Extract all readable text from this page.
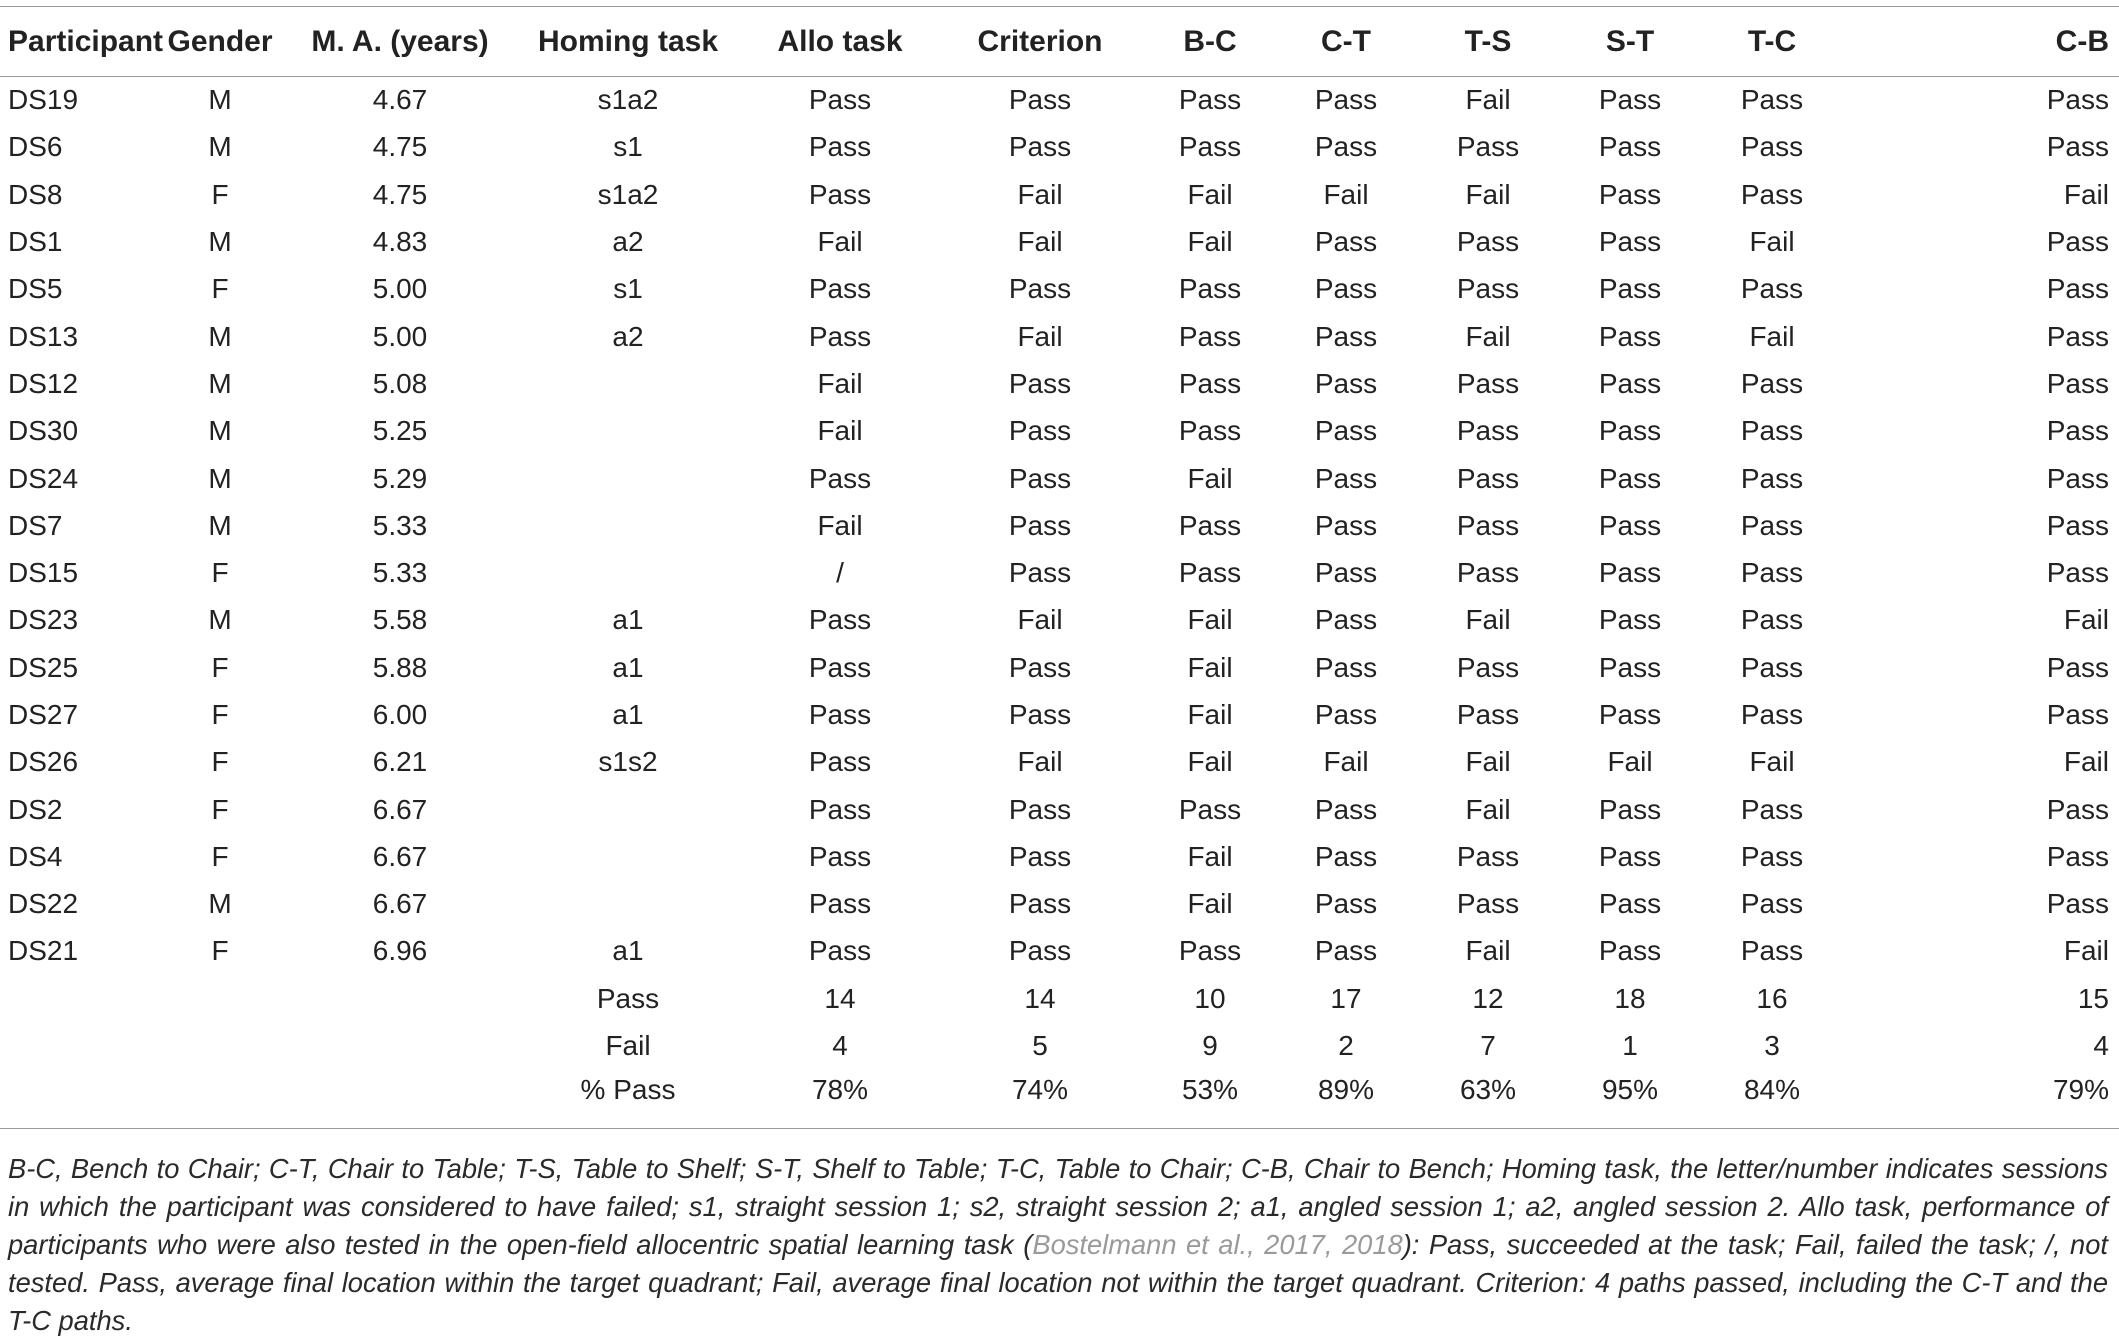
Participant	Gender	M. A. (years)	Homing task	Allo task	Criterion	B-C	C-T	T-S	S-T	T-C	C-B
DS19	M	4.67	s1a2	Pass	Pass	Pass	Pass	Fail	Pass	Pass	Pass
DS6	M	4.75	s1	Pass	Pass	Pass	Pass	Pass	Pass	Pass	Pass
DS8	F	4.75	s1a2	Pass	Fail	Fail	Fail	Fail	Pass	Pass	Fail
DS1	M	4.83	a2	Fail	Fail	Fail	Pass	Pass	Pass	Fail	Pass
DS5	F	5.00	s1	Pass	Pass	Pass	Pass	Pass	Pass	Pass	Pass
DS13	M	5.00	a2	Pass	Fail	Pass	Pass	Fail	Pass	Fail	Pass
DS12	M	5.08		Fail	Pass	Pass	Pass	Pass	Pass	Pass	Pass
DS30	M	5.25		Fail	Pass	Pass	Pass	Pass	Pass	Pass	Pass
DS24	M	5.29		Pass	Pass	Fail	Pass	Pass	Pass	Pass	Pass
DS7	M	5.33		Fail	Pass	Pass	Pass	Pass	Pass	Pass	Pass
DS15	F	5.33		/	Pass	Pass	Pass	Pass	Pass	Pass	Pass
DS23	M	5.58	a1	Pass	Fail	Fail	Pass	Fail	Pass	Pass	Fail
DS25	F	5.88	a1	Pass	Pass	Fail	Pass	Pass	Pass	Pass	Pass
DS27	F	6.00	a1	Pass	Pass	Fail	Pass	Pass	Pass	Pass	Pass
DS26	F	6.21	s1s2	Pass	Fail	Fail	Fail	Fail	Fail	Fail	Fail
DS2	F	6.67		Pass	Pass	Pass	Pass	Fail	Pass	Pass	Pass
DS4	F	6.67		Pass	Pass	Fail	Pass	Pass	Pass	Pass	Pass
DS22	M	6.67		Pass	Pass	Fail	Pass	Pass	Pass	Pass	Pass
DS21	F	6.96	a1	Pass	Pass	Pass	Pass	Fail	Pass	Pass	Fail
			Pass	14	14	10	17	12	18	16	15
			Fail	4	5	9	2	7	1	3	4
			% Pass	78%	74%	53%	89%	63%	95%	84%	79%
B-C, Bench to Chair; C-T, Chair to Table; T-S, Table to Shelf; S-T, Shelf to Table; T-C, Table to Chair; C-B, Chair to Bench; Homing task, the letter/number indicates sessions in which the participant was considered to have failed; s1, straight session 1; s2, straight session 2; a1, angled session 1; a2, angled session 2. Allo task, performance of participants who were also tested in the open-field allocentric spatial learning task (Bostelmann et al., 2017, 2018): Pass, succeeded at the task; Fail, failed the task; /, not tested. Pass, average final location within the target quadrant; Fail, average final location not within the target quadrant. Criterion: 4 paths passed, including the C-T and the T-C paths.
